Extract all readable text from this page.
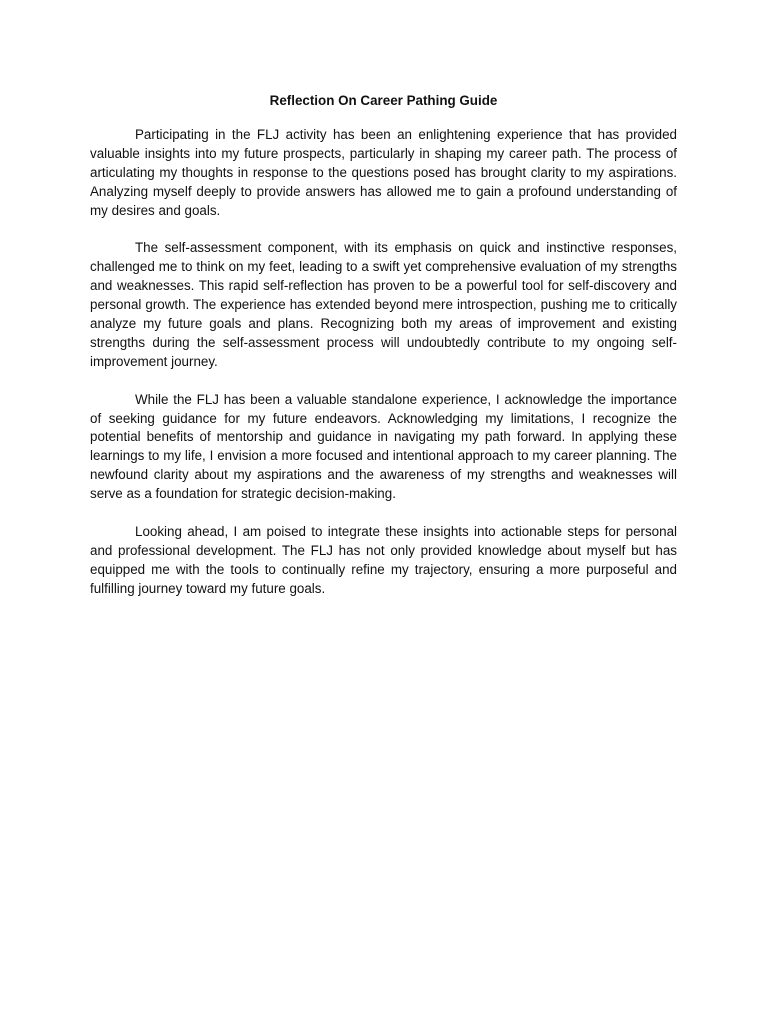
Reflection On Career Pathing Guide

Participating in the FLJ activity has been an enlightening experience that has provided valuable insights into my future prospects, particularly in shaping my career path. The process of articulating my thoughts in response to the questions posed has brought clarity to my aspirations. Analyzing myself deeply to provide answers has allowed me to gain a profound understanding of my desires and goals.

The self-assessment component, with its emphasis on quick and instinctive responses, challenged me to think on my feet, leading to a swift yet comprehensive evaluation of my strengths and weaknesses. This rapid self-reflection has proven to be a powerful tool for self-discovery and personal growth. The experience has extended beyond mere introspection, pushing me to critically analyze my future goals and plans. Recognizing both my areas of improvement and existing strengths during the self-assessment process will undoubtedly contribute to my ongoing self-improvement journey.

While the FLJ has been a valuable standalone experience, I acknowledge the importance of seeking guidance for my future endeavors. Acknowledging my limitations, I recognize the potential benefits of mentorship and guidance in navigating my path forward. In applying these learnings to my life, I envision a more focused and intentional approach to my career planning. The newfound clarity about my aspirations and the awareness of my strengths and weaknesses will serve as a foundation for strategic decision-making.

Looking ahead, I am poised to integrate these insights into actionable steps for personal and professional development. The FLJ has not only provided knowledge about myself but has equipped me with the tools to continually refine my trajectory, ensuring a more purposeful and fulfilling journey toward my future goals.
